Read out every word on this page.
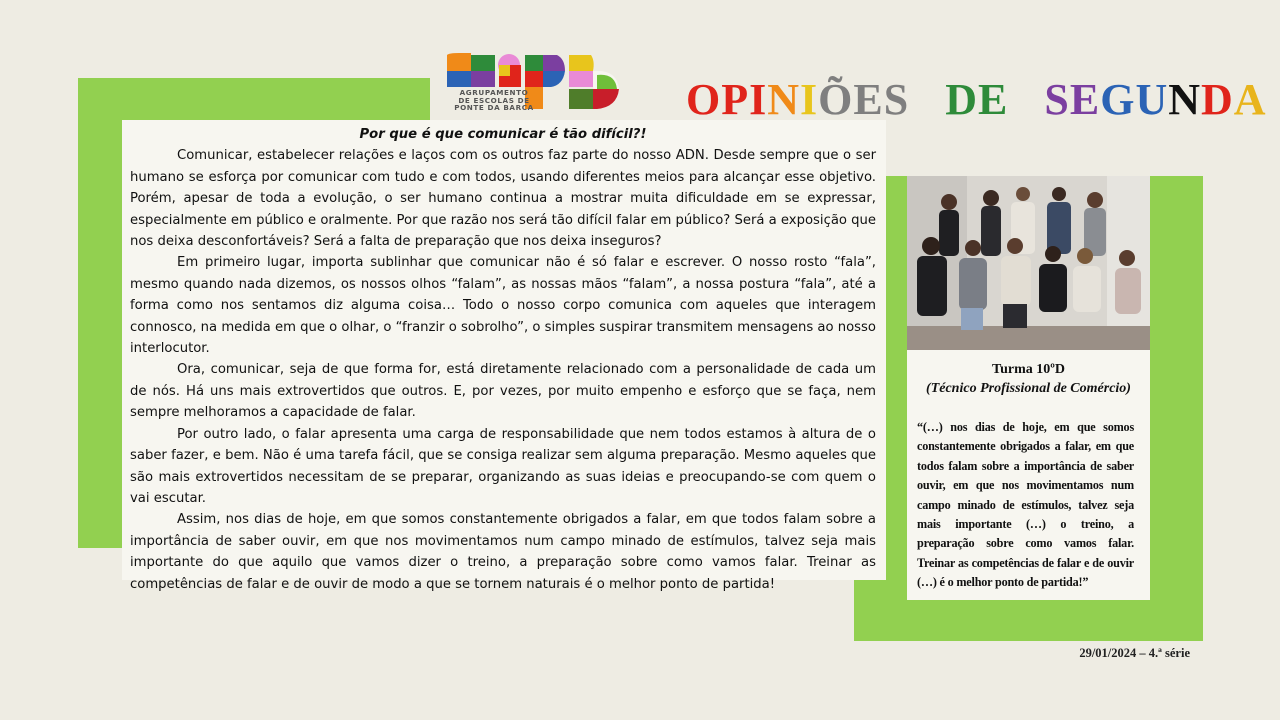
AGRUPAMENTO
DE ESCOLAS DE
PONTE DA BARCA	OPINIÕES DE SEGUNDA
Por que é que comunicar é tão difícil?!

Comunicar, estabelecer relações e laços com os outros faz parte do nosso ADN. Desde sempre que o ser humano se esforça por comunicar com tudo e com todos, usando diferentes meios para alcançar esse objetivo. Porém, apesar de toda a evolução, o ser humano continua a mostrar muita dificuldade em se expressar, especialmente em público e oralmente. Por que razão nos será tão difícil falar em público? Será a exposição que nos deixa desconfortáveis? Será a falta de preparação que nos deixa inseguros?

Em primeiro lugar, importa sublinhar que comunicar não é só falar e escrever. O nosso rosto “fala”, mesmo quando nada dizemos, os nossos olhos “falam”, as nossas mãos “falam”, a nossa postura “fala”, até a forma como nos sentamos diz alguma coisa… Todo o nosso corpo comunica com aqueles que interagem connosco, na medida em que o olhar, o “franzir o sobrolho”, o simples suspirar transmitem mensagens ao nosso interlocutor.

Ora, comunicar, seja de que forma for, está diretamente relacionado com a personalidade de cada um de nós. Há uns mais extrovertidos que outros. E, por vezes, por muito empenho e esforço que se faça, nem sempre melhoramos a capacidade de falar.

Por outro lado, o falar apresenta uma carga de responsabilidade que nem todos estamos à altura de o saber fazer, e bem. Não é uma tarefa fácil, que se consiga realizar sem alguma preparação. Mesmo aqueles que são mais extrovertidos necessitam de se preparar, organizando as suas ideias e preocupando-se com quem o vai escutar.

Assim, nos dias de hoje, em que somos constantemente obrigados a falar, em que todos falam sobre a importância de saber ouvir, em que nos movimentamos num campo minado de estímulos, talvez seja mais importante do que aquilo que vamos dizer o treino, a preparação sobre como vamos falar. Treinar as competências de falar e de ouvir de modo a que se tornem naturais é o melhor ponto de partida!

Turma 10ºD
(Técnico Profissional de Comércio)
“(…) nos dias de hoje, em que somos constantemente obrigados a falar, em que todos falam sobre a importância de saber ouvir, em que nos movimentamos num campo minado de estímulos, talvez seja mais importante (…) o treino, a preparação sobre como vamos falar. Treinar as competências de falar e de ouvir (…) é o melhor ponto de partida!”
29/01/2024 – 4.ª série
